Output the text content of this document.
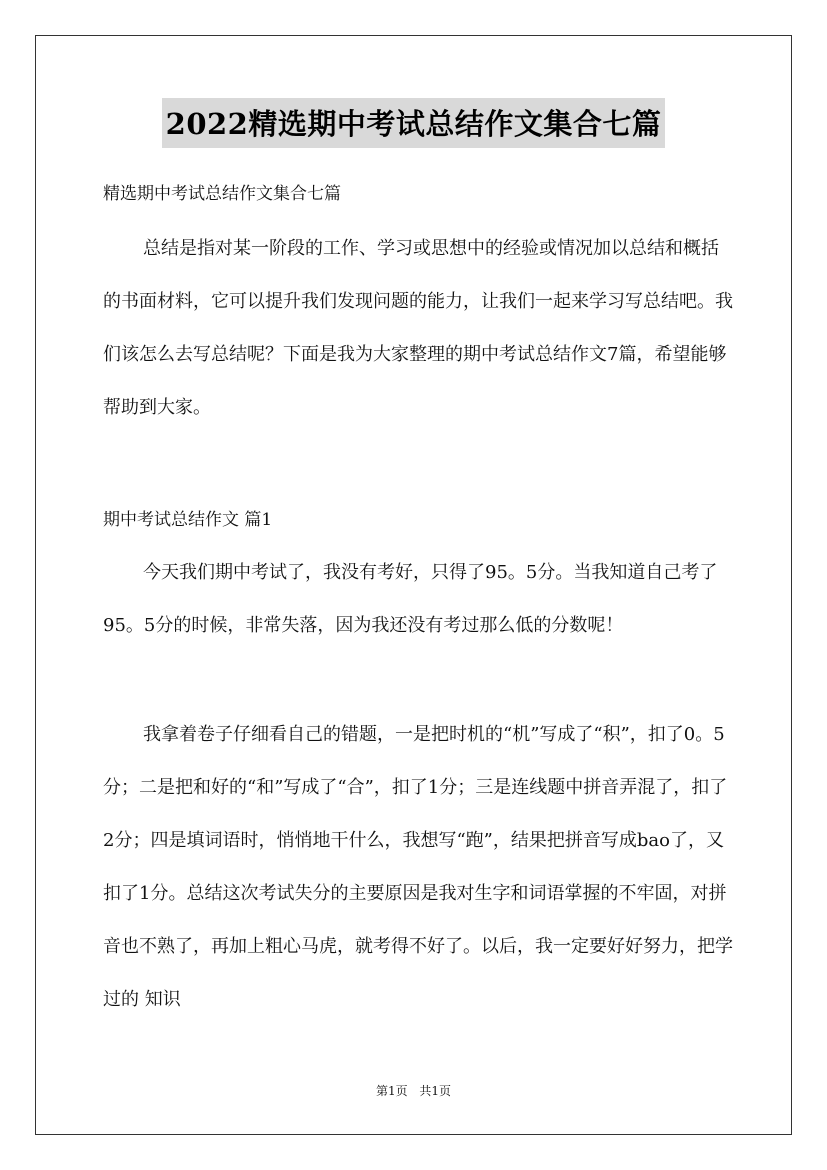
2022精选期中考试总结作文集合七篇
精选期中考试总结作文集合七篇
总结是指对某一阶段的工作、学习或思想中的经验或情况加以总结和概括的书面材料，它可以提升我们发现问题的能力，让我们一起来学习写总结吧。我们该怎么去写总结呢？下面是我为大家整理的期中考试总结作文7篇，希望能够帮助到大家。
期中考试总结作文 篇1
今天我们期中考试了，我没有考好，只得了95。5分。当我知道自己考了95。5分的时候，非常失落，因为我还没有考过那么低的分数呢！
我拿着卷子仔细看自己的错题，一是把时机的“机”写成了“积”，扣了0。5分；二是把和好的“和”写成了“合”，扣了1分；三是连线题中拼音弄混了，扣了2分；四是填词语时，悄悄地干什么，我想写“跑”，结果把拼音写成bao了，又扣了1分。总结这次考试失分的主要原因是我对生字和词语掌握的不牢固，对拼音也不熟了，再加上粗心马虎，就考得不好了。以后，我一定要好好努力，把学过的 知识
第1页 共1页
